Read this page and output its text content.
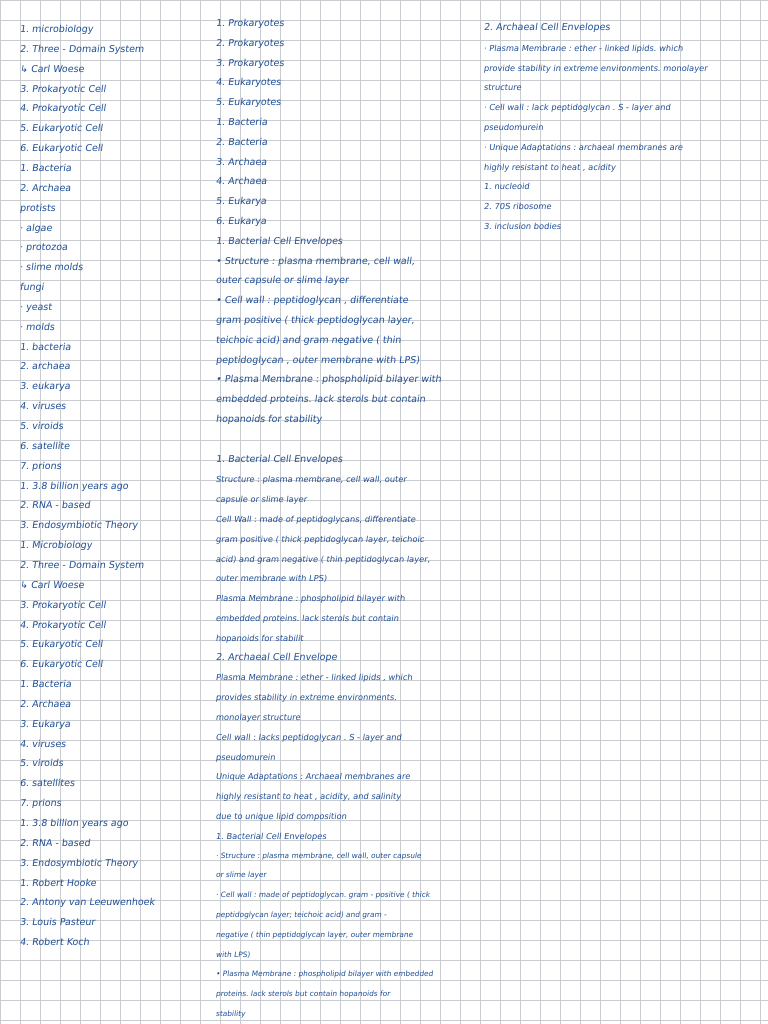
1. microbiology
2. Three - Domain System
↳ Carl Woese
3. Prokaryotic Cell
4. Prokaryotic Cell
5. Eukaryotic Cell
6. Eukaryotic Cell
1. Bacteria
2. Archaea
protists
· algae
· protozoa
· slime molds
fungi
· yeast
· molds
1. bacteria
2. archaea
3. eukarya
4. viruses
5. viroids
6. satellite
7. prions
1. 3.8 billion years ago
2. RNA - based
3. Endosymbiotic Theory
1. Microbiology
2. Three - Domain System
↳ Carl Woese
3. Prokaryotic Cell
4. Prokaryotic Cell
5. Eukaryotic Cell
6. Eukaryotic Cell
1. Bacteria
2. Archaea
3. Eukarya
4. viruses
5. viroids
6. satellites
7. prions
1. 3.8 billion years ago
2. RNA - based
3. Endosymbiotic Theory
1. Robert Hooke
2. Antony van Leeuwenhoek
3. Louis Pasteur
4. Robert Koch
1. Prokaryotes
2. Prokaryotes
3. Prokaryotes
4. Eukaryotes
5. Eukaryotes
1. Bacteria
2. Bacteria
3. Archaea
4. Archaea
5. Eukarya
6. Eukarya
1. Bacterial Cell Envelopes
• Structure : plasma membrane, cell wall,
outer capsule or slime layer
• Cell wall : peptidoglycan , differentiate
gram positive ( thick peptidoglycan layer,
teichoic acid) and gram negative ( thin
peptidoglycan , outer membrane with LPS)
• Plasma Membrane : phospholipid bilayer with
embedded proteins. lack sterols but contain
hopanoids for stability
1. Bacterial Cell Envelopes
Structure : plasma membrane, cell wall, outer
capsule or slime layer
Cell Wall : made of peptidoglycans, differentiate
gram positive ( thick peptidoglycan layer, teichoic
acid) and gram negative ( thin peptidoglycan layer,
outer membrane with LPS)
Plasma Membrane : phospholipid bilayer with
embedded proteins. lack sterols but contain
hopanoids for stabilit
2. Archaeal Cell Envelope
Plasma Membrane : ether - linked lipids , which
provides stability in extreme environments.
monolayer structure
Cell wall : lacks peptidoglycan . S - layer and
pseudomurein
Unique Adaptations : Archaeal membranes are
highly resistant to heat , acidity, and salinity
due to unique lipid composition
1. Bacterial Cell Envelopes
· Structure : plasma membrane, cell wall, outer capsule
or slime layer
· Cell wall : made of peptidoglycan. gram - positive ( thick
peptidoglycan layer; teichoic acid) and gram -
negative ( thin peptidoglycan layer, outer membrane
with LPS)
• Plasma Membrane : phospholipid bilayer with embedded
proteins. lack sterols but contain hopanoids for
stability
2. Archaeal Cell Envelopes
· Plasma Membrane : ether - linked lipids. which
provide stability in extreme environments. monolayer
structure
· Cell wall : lack peptidoglycan . S - layer and
pseudomurein
· Unique Adaptations : archaeal membranes are
highly resistant to heat , acidity
1. nucleoid
2. 70S ribosome
3. inclusion bodies
